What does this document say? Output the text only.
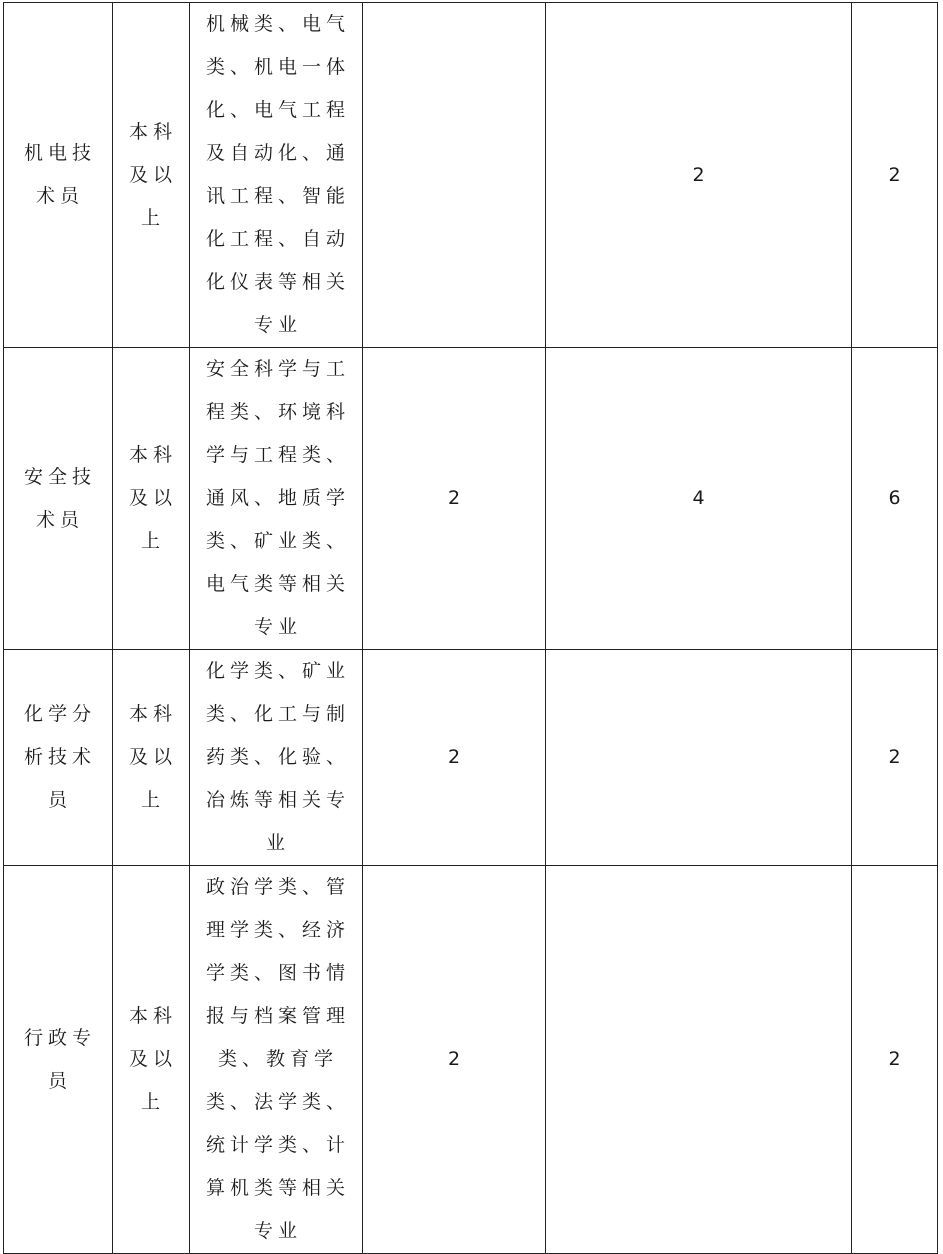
机电技术员	本科及以上	机械类、电气类、机电一体化、电气工程及自动化、通讯工程、智能化工程、自动化仪表等相关专业		2	2

安全技术员	本科及以上	安全科学与工程类、环境科学与工程类、通风、地质学类、矿业类、电气类等相关专业	2	4	6

化学分析技术员	本科及以上	化学类、矿业类、化工与制药类、化验、冶炼等相关专业	2		2

行政专员	本科及以上	政治学类、管理学类、经济学类、图书情报与档案管理类、教育学类、法学类、统计学类、计算机类等相关专业	2		2
